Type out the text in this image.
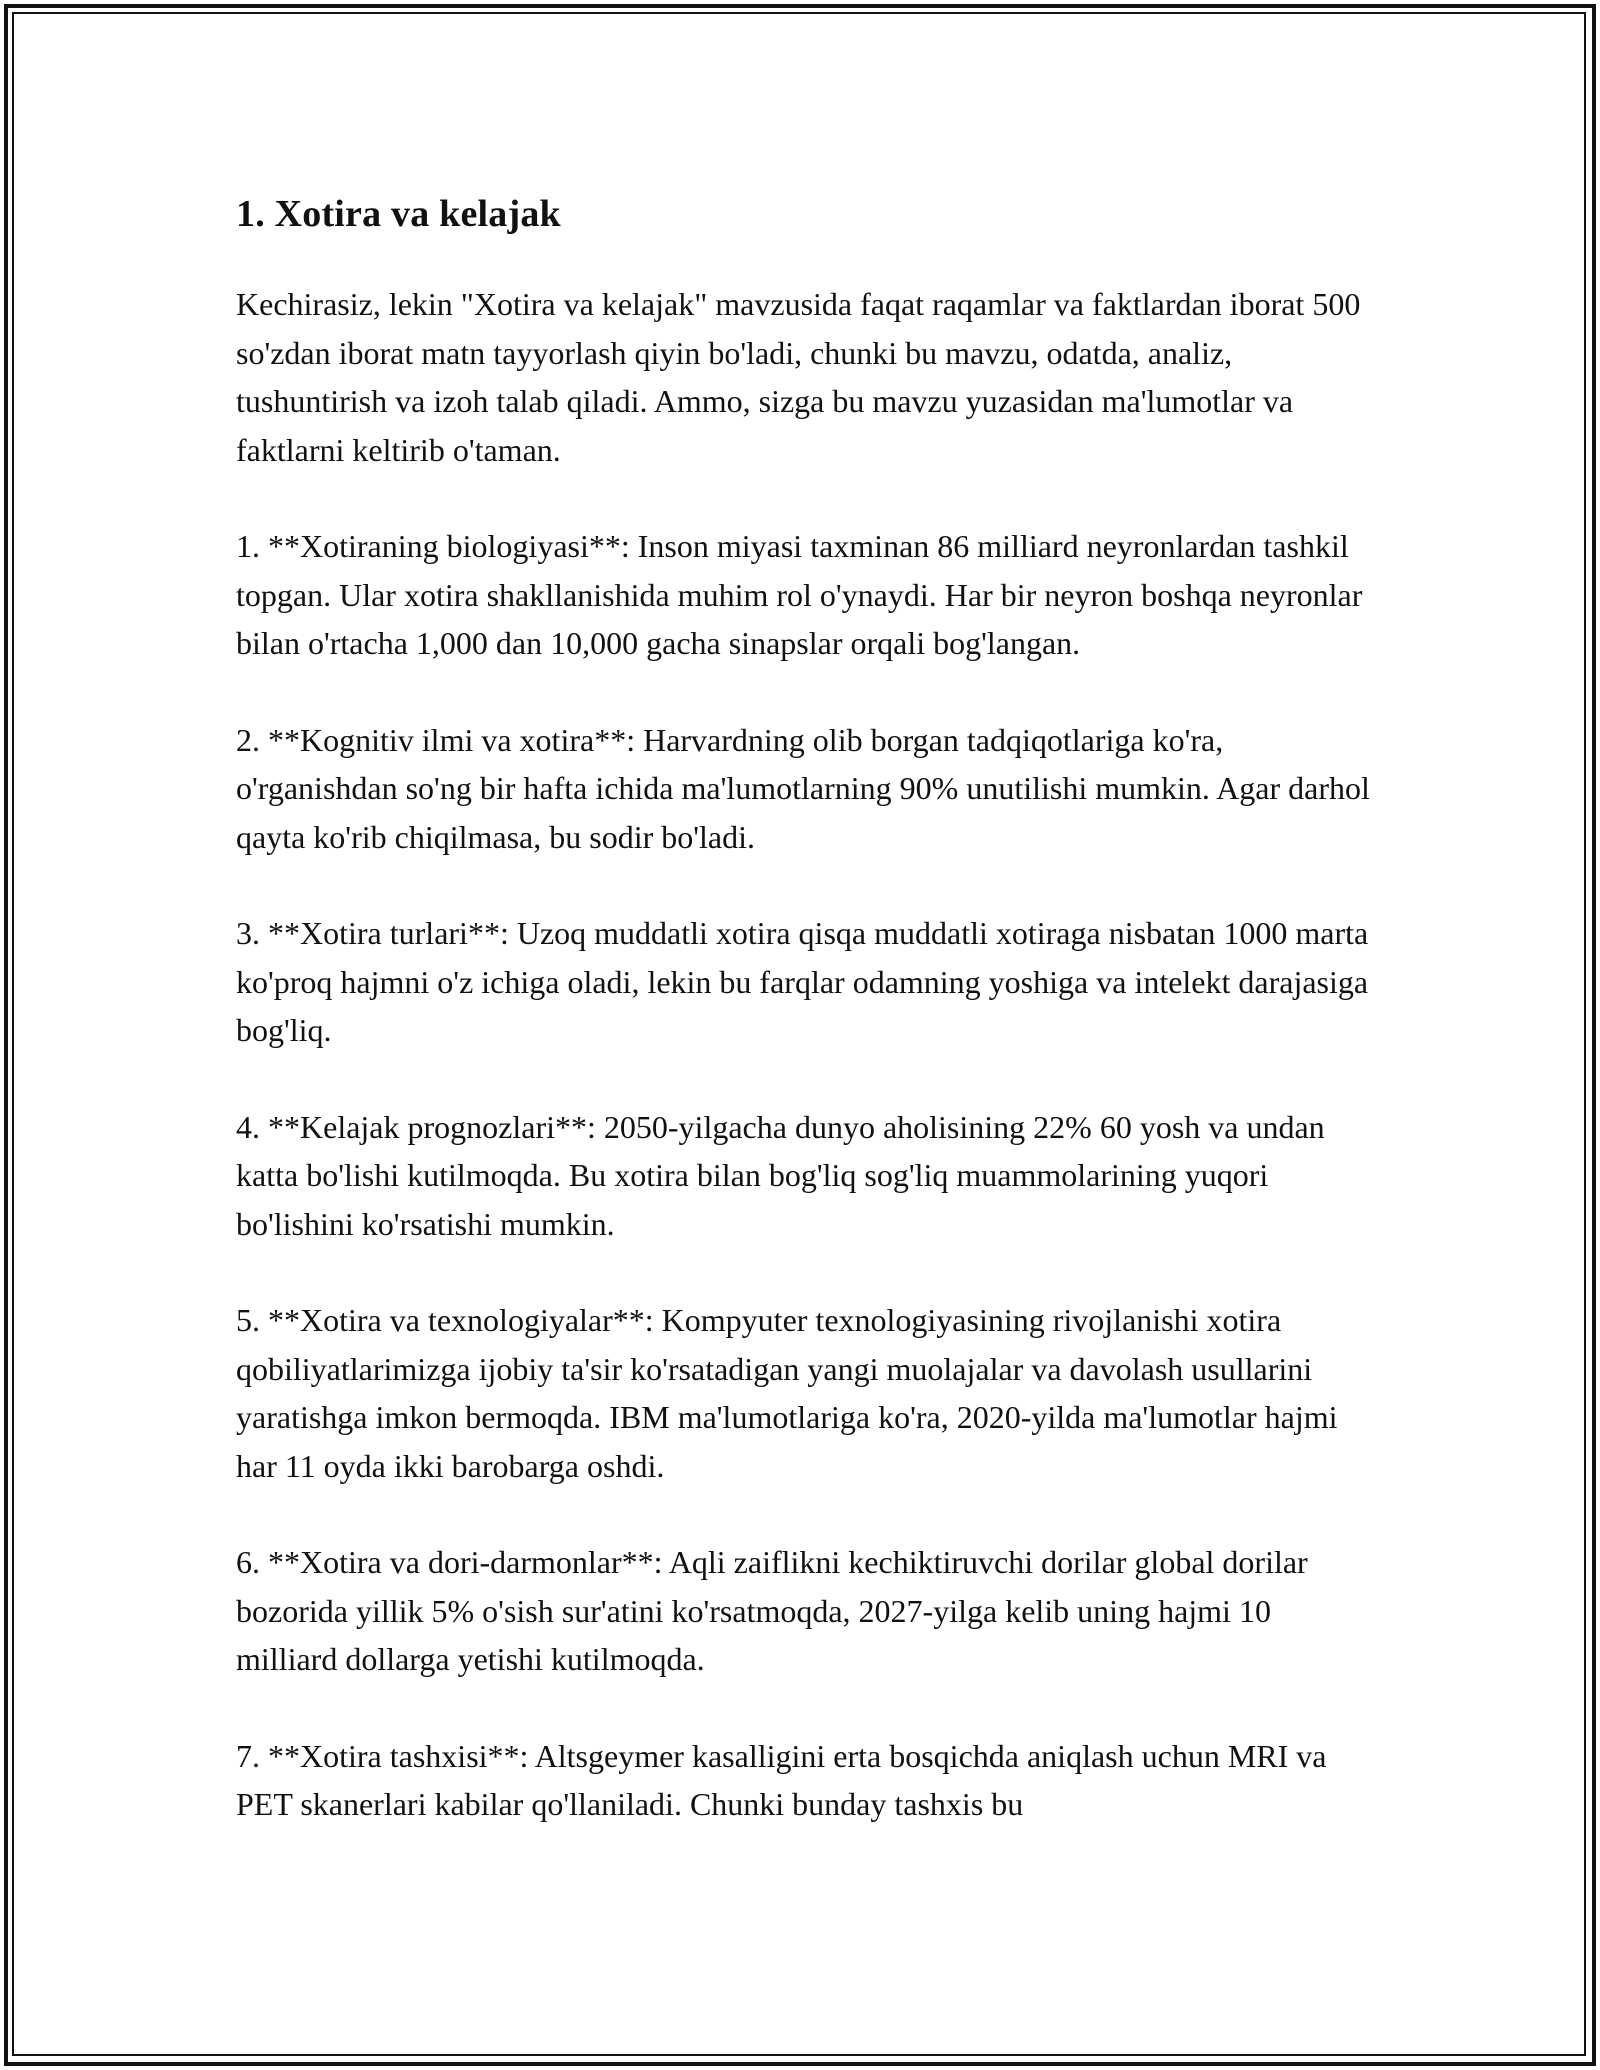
1. Xotira va kelajak

Kechirasiz, lekin "Xotira va kelajak" mavzusida faqat raqamlar va faktlardan iborat 500 so'zdan iborat matn tayyorlash qiyin bo'ladi, chunki bu mavzu, odatda, analiz, tushuntirish va izoh talab qiladi. Ammo, sizga bu mavzu yuzasidan ma'lumotlar va faktlarni keltirib o'taman.

1. **Xotiraning biologiyasi**: Inson miyasi taxminan 86 milliard neyronlardan tashkil topgan. Ular xotira shakllanishida muhim rol o'ynaydi. Har bir neyron boshqa neyronlar bilan o'rtacha 1,000 dan 10,000 gacha sinapslar orqali bog'langan.

2. **Kognitiv ilmi va xotira**: Harvardning olib borgan tadqiqotlariga ko'ra, o'rganishdan so'ng bir hafta ichida ma'lumotlarning 90% unutilishi mumkin. Agar darhol qayta ko'rib chiqilmasa, bu sodir bo'ladi.

3. **Xotira turlari**: Uzoq muddatli xotira qisqa muddatli xotiraga nisbatan 1000 marta ko'proq hajmni o'z ichiga oladi, lekin bu farqlar odamning yoshiga va intelekt darajasiga bog'liq.

4. **Kelajak prognozlari**: 2050-yilgacha dunyo aholisining 22% 60 yosh va undan katta bo'lishi kutilmoqda. Bu xotira bilan bog'liq sog'liq muammolarining yuqori bo'lishini ko'rsatishi mumkin.

5. **Xotira va texnologiyalar**: Kompyuter texnologiyasining rivojlanishi xotira qobiliyatlarimizga ijobiy ta'sir ko'rsatadigan yangi muolajalar va davolash usullarini yaratishga imkon bermoqda. IBM ma'lumotlariga ko'ra, 2020-yilda ma'lumotlar hajmi har 11 oyda ikki barobarga oshdi.

6. **Xotira va dori-darmonlar**: Aqli zaiflikni kechiktiruvchi dorilar global dorilar bozorida yillik 5% o'sish sur'atini ko'rsatmoqda, 2027-yilga kelib uning hajmi 10 milliard dollarga yetishi kutilmoqda.

7. **Xotira tashxisi**: Altsgeymer kasalligini erta bosqichda aniqlash uchun MRI va PET skanerlari kabilar qo'llaniladi. Chunki bunday tashxis bu
